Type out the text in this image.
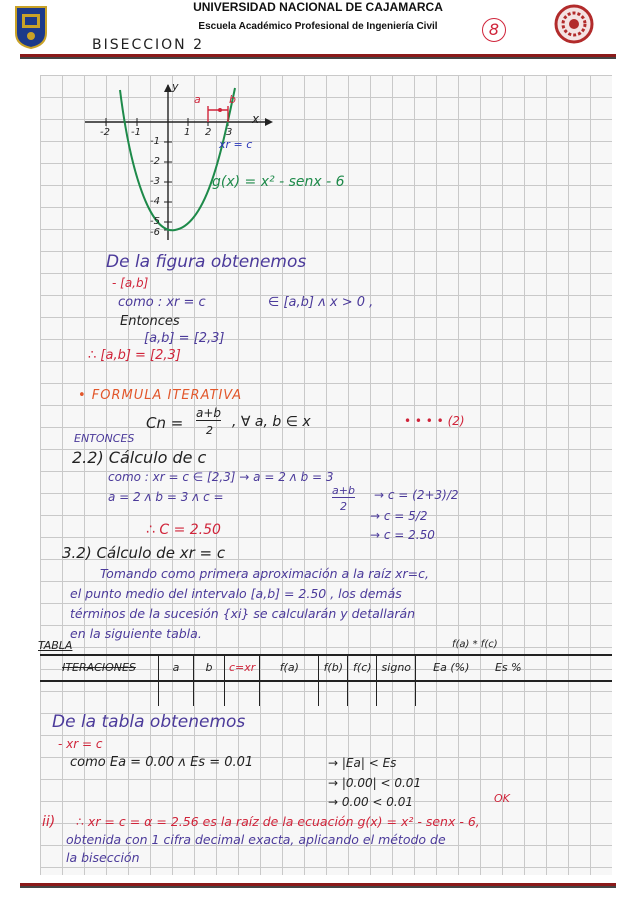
UNIVERSIDAD NACIONAL DE CAJAMARCA
Escuela Académico Profesional de Ingeniería Civil	8
BISECCION 2
y
x
-2 -1	1 2 3
-1
-2
-3
-4
-5
-6
a	b
xr = c
g(x) = x² - senx - 6
De la figura obtenemos
- [a,b]
como : xr = c	∈ [a,b] ᴧ x > 0 ,
Entonces
[a,b] = [2,3]
∴ [a,b] = [2,3]
• FORMULA ITERATIVA
Cn =
a+b
2
, ∀ a, b ∈ x	• • • • (2)
ENTONCES
2.2) Cálculo de c
como : xr = c ∈ [2,3] → a = 2 ᴧ b = 3
a = 2 ᴧ b = 3 ᴧ c =	a+b
2
→ c = (2+3)/2
→ c = 5/2
→ c = 2.50
∴ C = 2.50
3.2) Cálculo de xr = c
Tomando como primera aproximación a la raíz xr=c,
el punto medio del intervalo [a,b] = 2.50 , los demás
términos de la sucesión {xi} se calcularán y detallarán
en la siguiente tabla.
TABLA	f(a) * f(c)
ITERACIONES	a	b	c=xr	f(a)	f(b)	f(c)	signo	Ea (%)	Es %

De la tabla obtenemos
- xr = c
como Ea = 0.00 ᴧ Es = 0.01	→ |Ea| < Es
→ |0.00| < 0.01
→ 0.00 < 0.01	OK
ii) ∴ xr = c = α = 2.56 es la raíz de la ecuación g(x) = x² - senx - 6,
obtenida con 1 cifra decimal exacta, aplicando el método de
la bisección
